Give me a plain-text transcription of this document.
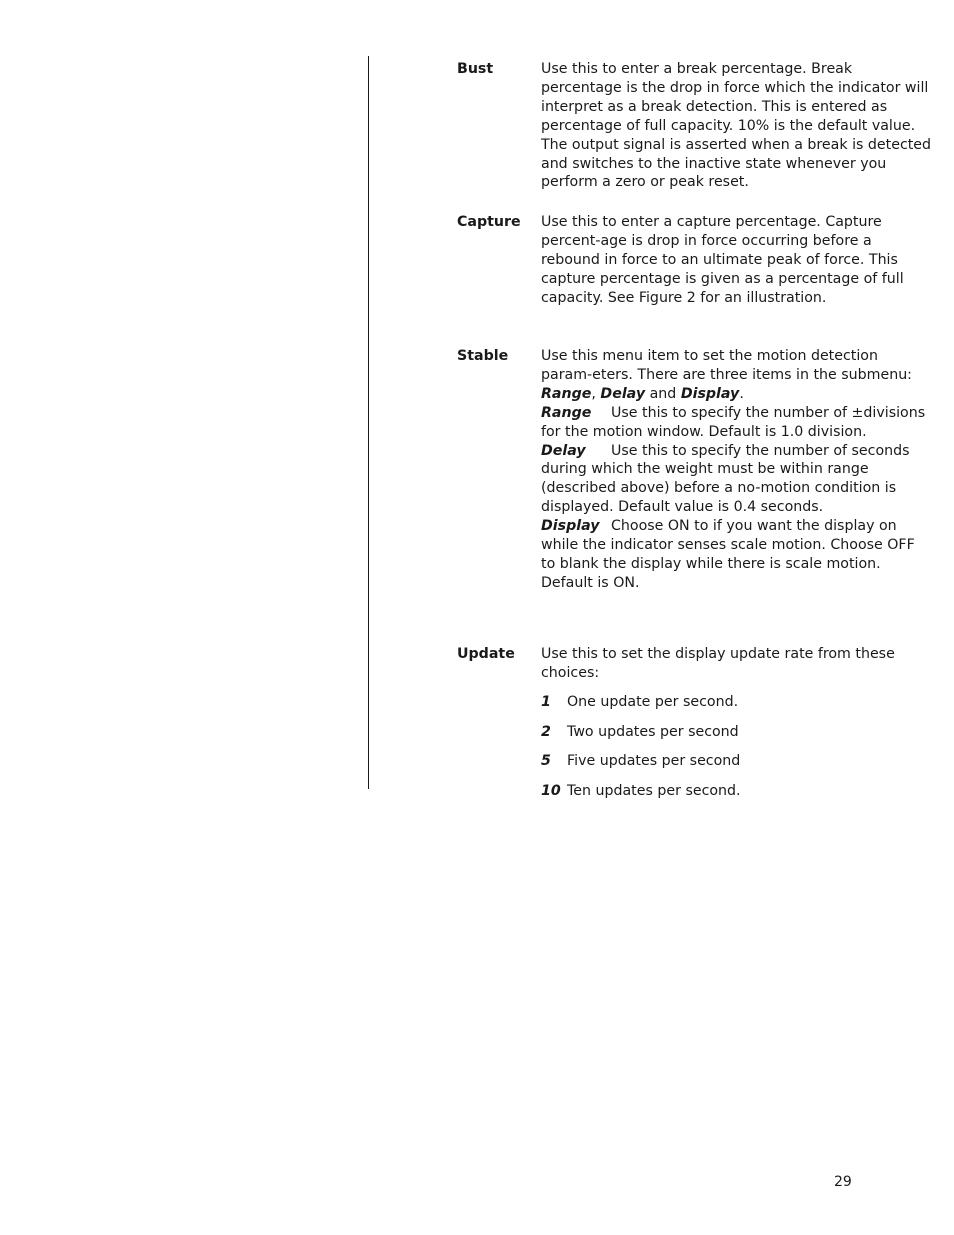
Bust	Use this to enter a break percentage. Break percentage is the drop in force which the indicator will interpret as a break detection. This is entered as percentage of full capacity. 10% is the default value. The output signal is asserted when a break is detected and switches to the inactive state whenever you perform a zero or peak reset.

Capture	Use this to enter a capture percentage. Capture percent-age is drop in force occurring before a rebound in force to an ultimate peak of force. This capture percentage is given as a percentage of full capacity. See Figure 2 for an illustration.

Stable	Use this menu item to set the motion detection param-eters. There are three items in the submenu: Range, Delay and Display.

Range Use this to specify the number of ±divisions for the motion window. Default is 1.0 division.

Delay Use this to specify the number of seconds during which the weight must be within range (described above) before a no-motion condition is displayed. Default value is 0.4 seconds.

Display Choose ON to if you want the display on while the indicator senses scale motion. Choose OFF to blank the display while there is scale motion. Default is ON.

Update	Use this to set the display update rate from these choices:

1	One update per second.
2	Two updates per second
5	Five updates per second
10 Ten updates per second.
29
